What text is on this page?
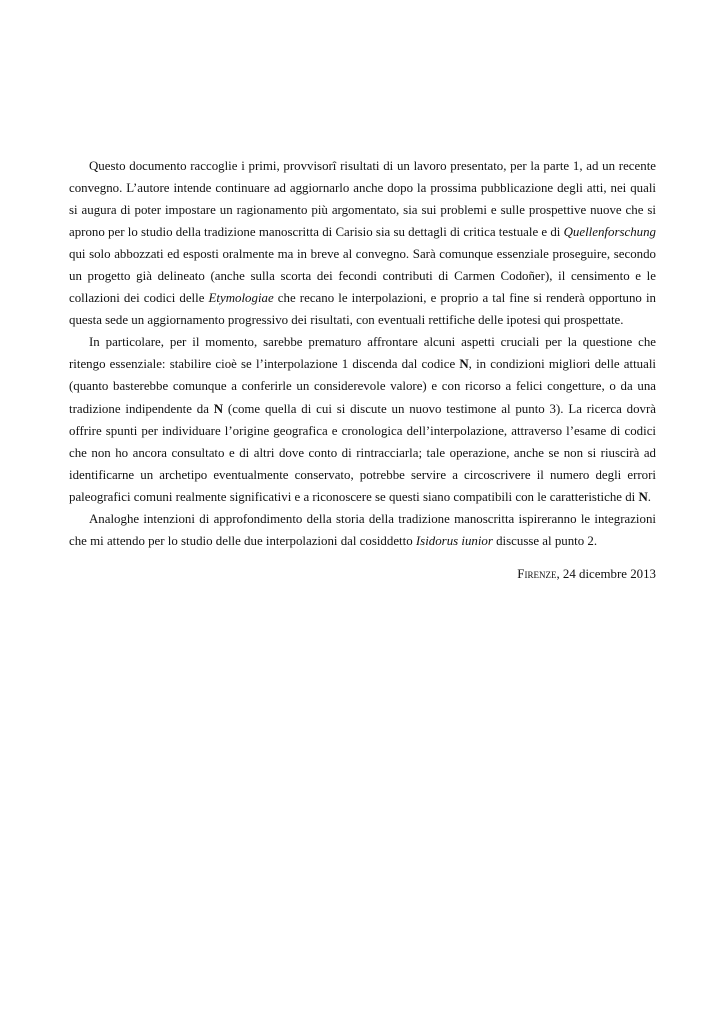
Questo documento raccoglie i primi, provvisorî risultati di un lavoro presentato, per la parte 1, ad un recente convegno. L’autore intende continuare ad aggiornarlo anche dopo la prossima pubblicazione degli atti, nei quali si augura di poter impostare un ragionamento più argomentato, sia sui problemi e sulle prospettive nuove che si aprono per lo studio della tradizione manoscritta di Carisio sia su dettagli di critica testuale e di Quellenforschung qui solo abbozzati ed esposti oralmente ma in breve al convegno. Sarà comunque essenziale proseguire, secondo un progetto già delineato (anche sulla scorta dei fecondi contributi di Carmen Codoñer), il censimento e le collazioni dei codici delle Etymologiae che recano le interpolazioni, e proprio a tal fine si renderà opportuno in questa sede un aggiornamento progressivo dei risultati, con eventuali rettifiche delle ipotesi qui prospettate.

In particolare, per il momento, sarebbe prematuro affrontare alcuni aspetti cruciali per la questione che ritengo essenziale: stabilire cioè se l’interpolazione 1 discenda dal codice N, in condizioni migliori delle attuali (quanto basterebbe comunque a conferirle un considerevole valore) e con ricorso a felici congetture, o da una tradizione indipendente da N (come quella di cui si discute un nuovo testimone al punto 3). La ricerca dovrà offrire spunti per individuare l’origine geografica e cronologica dell’interpolazione, attraverso l’esame di codici che non ho ancora consultato e di altri dove conto di rintracciarla; tale operazione, anche se non si riuscirà ad identificarne un archetipo eventualmente conservato, potrebbe servire a circoscrivere il numero degli errori paleografici comuni realmente significativi e a riconoscere se questi siano compatibili con le caratteristiche di N.

Analoghe intenzioni di approfondimento della storia della tradizione manoscritta ispireranno le integrazioni che mi attendo per lo studio delle due interpolazioni dal cosiddetto Isidorus iunior discusse al punto 2.

Firenze, 24 dicembre 2013
